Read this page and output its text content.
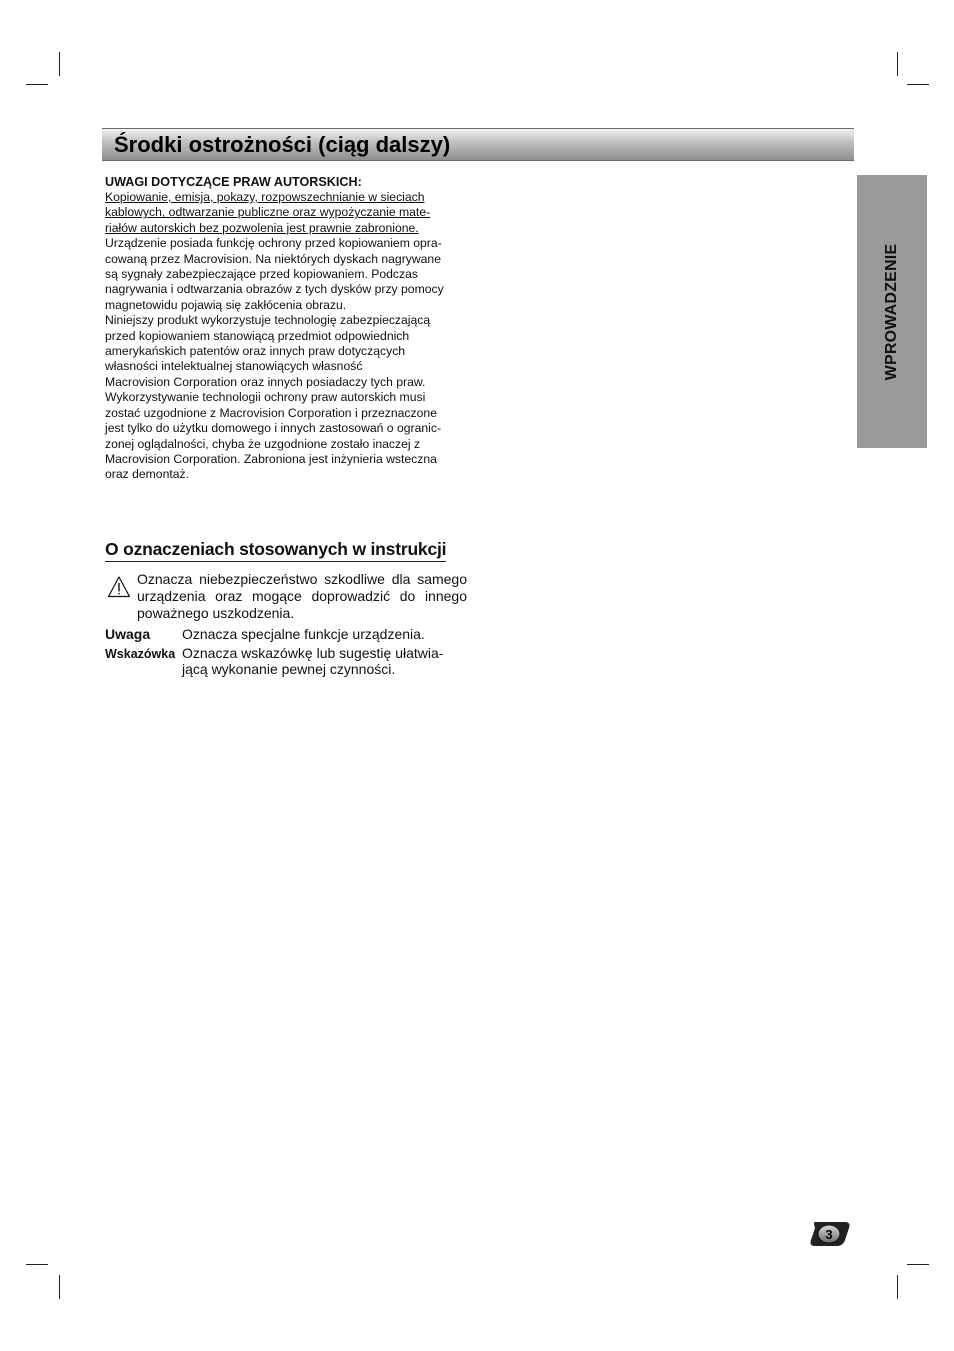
Środki ostrożności (ciąg dalszy)
WPROWADZENIE
UWAGI DOTYCZĄCE PRAW AUTORSKICH:
Kopiowanie, emisja, pokazy, rozpowszechnianie w sieciach
kablowych, odtwarzanie publiczne oraz wypożyczanie mate-
riałów autorskich bez pozwolenia jest prawnie zabronione.
Urządzenie posiada funkcję ochrony przed kopiowaniem opra-
cowaną przez Macrovision. Na niektórych dyskach nagrywane
są sygnały zabezpieczające przed kopiowaniem. Podczas
nagrywania i odtwarzania obrazów z tych dysków przy pomocy
magnetowidu pojawią się zakłócenia obrazu.
Niniejszy produkt wykorzystuje technologię zabezpieczającą
przed kopiowaniem stanowiącą przedmiot odpowiednich
amerykańskich patentów oraz innych praw dotyczących
własności intelektualnej stanowiących własność
Macrovision Corporation oraz innych posiadaczy tych praw.
Wykorzystywanie technologii ochrony praw autorskich musi
zostać uzgodnione z Macrovision Corporation i przeznaczone
jest tylko do użytku domowego i innych zastosowań o ogranic-
zonej oglądalności, chyba że uzgodnione zostało inaczej z
Macrovision Corporation. Zabroniona jest inżynieria wsteczna
oraz demontaż.
O oznaczeniach stosowanych w instrukcji
Oznacza niebezpieczeństwo szkodliwe dla samego
urządzenia oraz mogące doprowadzić do innego
poważnego uszkodzenia.
Uwaga Oznacza specjalne funkcje urządzenia.
Wskazówka Oznacza wskazówkę lub sugestię ułatwia-
jącą wykonanie pewnej czynności.
3
